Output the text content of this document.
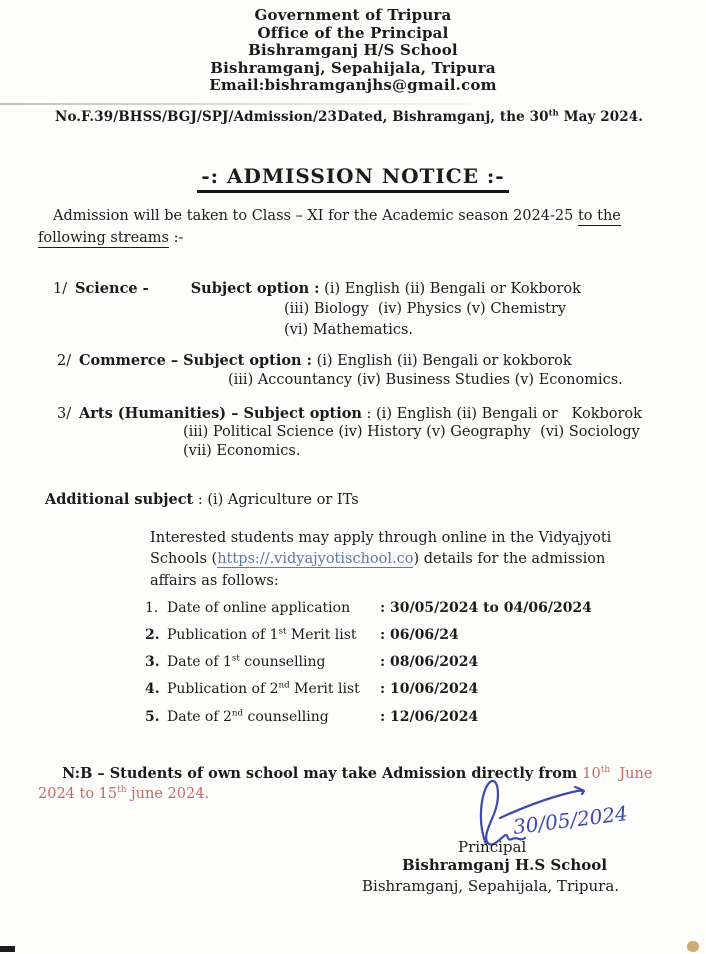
Government of Tripura
Office of the Principal
Bishramganj H/S School
Bishramganj, Sepahijala, Tripura
Email:bishramganjhs@gmail.com
No.F.39/BHSS/BGJ/SPJ/Admission/23 Dated, Bishramganj, the 30th May 2024.
-: ADMISSION NOTICE :-
Admission will be taken to Class – XI for the Academic season 2024-25 to the
following streams :-
1/ Science -	Subject option : (i) English (ii) Bengali or Kokborok
(iii) Biology  (iv) Physics (v) Chemistry
(vi) Mathematics.
2/ Commerce – Subject option : (i) English (ii) Bengali or kokborok
(iii) Accountancy (iv) Business Studies (v) Economics.
3/ Arts (Humanities) – Subject option : (i) English (ii) Bengali or   Kokborok
(iii) Political Science (iv) History (v) Geography  (vi) Sociology
(vii) Economics.
Additional subject : (i) Agriculture or ITs
Interested students may apply through online in the Vidyajyoti
Schools (https://.vidyajyotischool.co) details for the admission
affairs as follows:
1. Date of online application : 30/05/2024 to 04/06/2024
2. Publication of 1st Merit list : 06/06/24
3. Date of 1st counselling	: 08/06/2024
4. Publication of 2nd Merit list : 10/06/2024
5. Date of 2nd counselling	: 12/06/2024
N:B – Students of own school may take Admission directly from 10th  June
2024 to 15th june 2024.
30/05/2024
Principal
Bishramganj H.S School
Bishramganj, Sepahijala, Tripura.
